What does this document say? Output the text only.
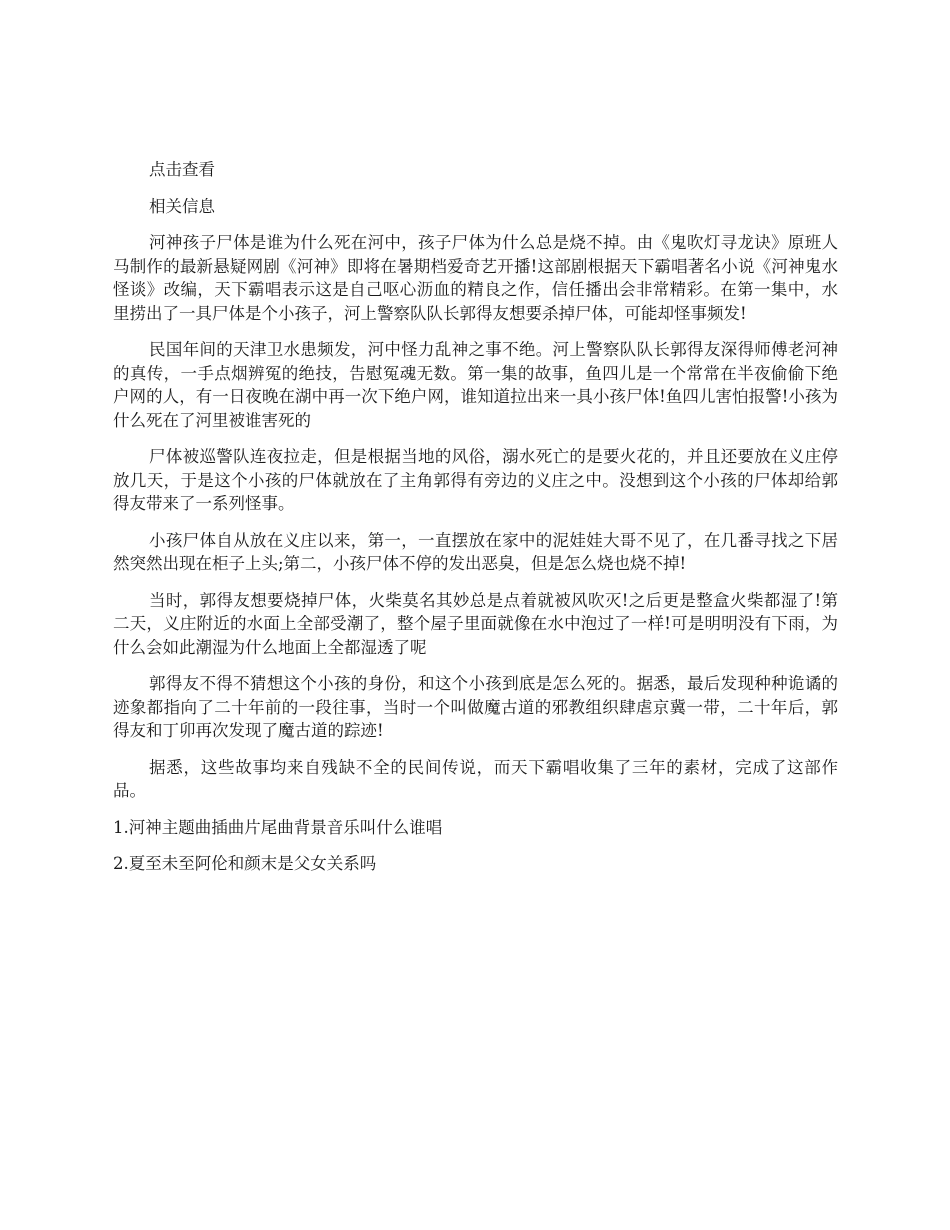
点击查看

相关信息

河神孩子尸体是谁为什么死在河中，孩子尸体为什么总是烧不掉。由《鬼吹灯寻龙诀》原班人马制作的最新悬疑网剧《河神》即将在暑期档爱奇艺开播!这部剧根据天下霸唱著名小说《河神鬼水怪谈》改编，天下霸唱表示这是自己呕心沥血的精良之作，信任播出会非常精彩。在第一集中，水里捞出了一具尸体是个小孩子，河上警察队队长郭得友想要杀掉尸体，可能却怪事频发!

民国年间的天津卫水患频发，河中怪力乱神之事不绝。河上警察队队长郭得友深得师傅老河神的真传，一手点烟辨冤的绝技，告慰冤魂无数。第一集的故事，鱼四儿是一个常常在半夜偷偷下绝户网的人，有一日夜晚在湖中再一次下绝户网，谁知道拉出来一具小孩尸体!鱼四儿害怕报警!小孩为什么死在了河里被谁害死的

尸体被巡警队连夜拉走，但是根据当地的风俗，溺水死亡的是要火花的，并且还要放在义庄停放几天，于是这个小孩的尸体就放在了主角郭得有旁边的义庄之中。没想到这个小孩的尸体却给郭得友带来了一系列怪事。

小孩尸体自从放在义庄以来，第一，一直摆放在家中的泥娃娃大哥不见了，在几番寻找之下居然突然出现在柜子上头;第二，小孩尸体不停的发出恶臭，但是怎么烧也烧不掉!

当时，郭得友想要烧掉尸体，火柴莫名其妙总是点着就被风吹灭!之后更是整盒火柴都湿了!第二天，义庄附近的水面上全部受潮了，整个屋子里面就像在水中泡过了一样!可是明明没有下雨，为什么会如此潮湿为什么地面上全都湿透了呢

郭得友不得不猜想这个小孩的身份，和这个小孩到底是怎么死的。据悉，最后发现种种诡谲的迹象都指向了二十年前的一段往事，当时一个叫做魔古道的邪教组织肆虐京冀一带，二十年后，郭得友和丁卯再次发现了魔古道的踪迹!

据悉，这些故事均来自残缺不全的民间传说，而天下霸唱收集了三年的素材，完成了这部作品。

1.河神主题曲插曲片尾曲背景音乐叫什么谁唱

2.夏至未至阿伦和颜末是父女关系吗
